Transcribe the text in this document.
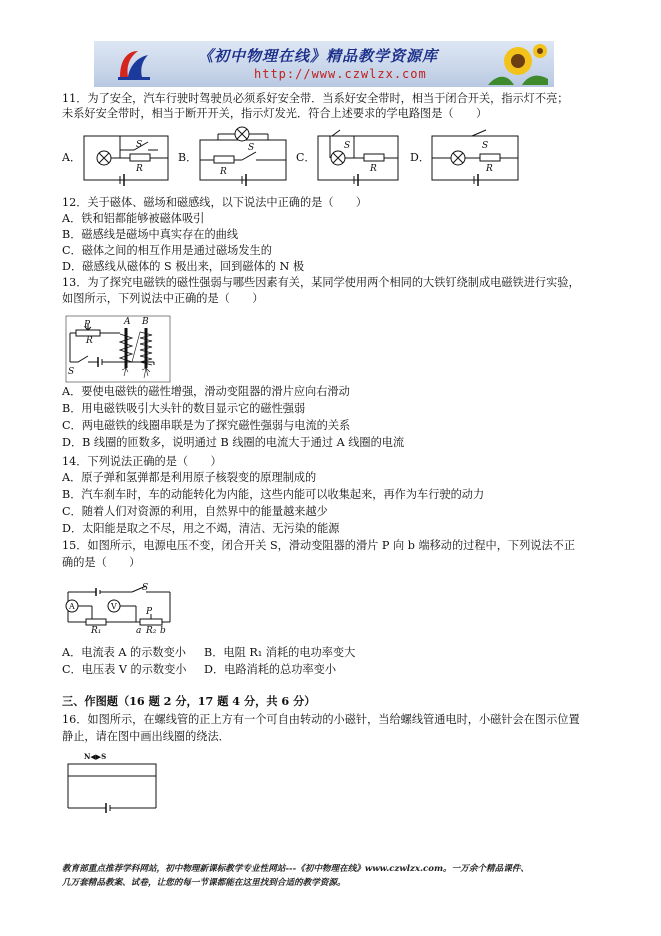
《初中物理在线》精品教学资源库
http://www.czwlzx.com
11．为了安全，汽车行驶时驾驶员必须系好安全带．当系好安全带时，相当于闭合开关，指示灯不亮；
未系好安全带时，相当于断开开关，指示灯发光．符合上述要求的学电路图是（　　）
A．
S
R
B．
R
S
C．
S
R
D．
S
R
12．关于磁体、磁场和磁感线，以下说法中正确的是（　　）
A．铁和铝都能够被磁体吸引
B．磁感线是磁场中真实存在的曲线
C．磁体之间的相互作用是通过磁场发生的
D．磁感线从磁体的 S 极出来，回到磁体的 N 极
13．为了探究电磁铁的磁性强弱与哪些因素有关，某同学使用两个相同的大铁钉绕制成电磁铁进行实验，
如图所示，下列说法中正确的是（　　）
P
R
A B
S
A．要使电磁铁的磁性增强，滑动变阻器的滑片应向右滑动
B．用电磁铁吸引大头针的数目显示它的磁性强弱
C．两电磁铁的线圈串联是为了探究磁性强弱与电流的关系
D．B 线圈的匝数多，说明通过 B 线圈的电流大于通过 A 线圈的电流
14．下列说法正确的是（　　）
A．原子弹和氢弹都是利用原子核裂变的原理制成的
B．汽车刹车时，车的动能转化为内能，这些内能可以收集起来，再作为车行驶的动力
C．随着人们对资源的利用，自然界中的能量越来越少
D．太阳能是取之不尽，用之不竭，清洁、无污染的能源
15．如图所示，电源电压不变，闭合开关 S，滑动变阻器的滑片 P 向 b 端移动的过程中，下列说法不正
确的是（　　）
S
A	V
R₁
P
a R₂ b
A．电流表 A 的示数变小 B．电阻 R₁ 消耗的电功率变大
C．电压表 V 的示数变小 D．电路消耗的总功率变小
三、作图题（16 题 2 分，17 题 4 分，共 6 分）
16．如图所示，在螺线管的正上方有一个可自由转动的小磁针，当给螺线管通电时，小磁针会在图示位置
静止，请在图中画出线圈的绕法．
N◀▶S
教育部重点推荐学科网站，初中物理新课标教学专业性网站---《初中物理在线》www.czwlzx.com。一万余个精品课件、
几万套精品教案、试卷，让您的每一节课都能在这里找到合适的教学资源。
